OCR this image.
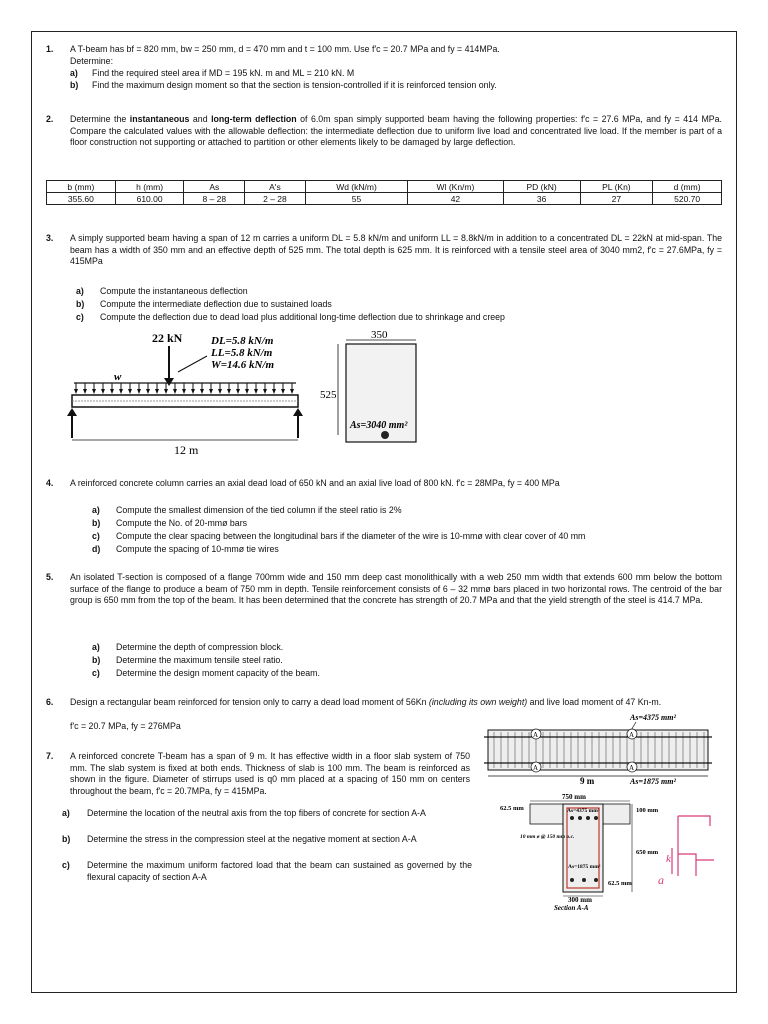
1. A T-beam has bf = 820 mm, bw = 250 mm, d = 470 mm and t = 100 mm. Use f'c = 20.7 MPa and fy = 414MPa.
Determine:
a) Find the required steel area if MD = 195 kN. m and ML = 210 kN. M
b) Find the maximum design moment so that the section is tension-controlled if it is reinforced tension only.
2. Determine the instantaneous and long-term deflection of 6.0m span simply supported beam having the following properties: f'c = 27.6 MPa, and fy = 414 MPa. Compare the calculated values with the allowable deflection: the intermediate deflection due to uniform live load and concentrated live load. If the member is part of a floor construction not supporting or attached to partition or other elements likely to be damaged by large deflection.
b (mm)	h (mm)	As	A's	Wd (kN/m)	Wl (Kn/m)	PD (kN)	PL (Kn)	d (mm)
355.60	610.00	8 – 28	2 – 28	55	42	36	27	520.70
3. A simply supported beam having a span of 12 m carries a uniform DL = 5.8 kN/m and uniform LL = 8.8kN/m in addition to a concentrated DL = 22kN at mid-span. The beam has a width of 350 mm and an effective depth of 525 mm. The total depth is 625 mm. It is reinforced with a tensile steel area of 3040 mm2, f'c = 27.6MPa, fy = 415MPa
a) Compute the instantaneous deflection
b) Compute the intermediate deflection due to sustained loads
c) Compute the deflection due to dead load plus additional long-time deflection due to shrinkage and creep
22 kN	DL=5.8 kN/m
LL=5.8 kN/m
W=14.6 kN/m
w
12 m
350
525
As=3040 mm²
4. A reinforced concrete column carries an axial dead load of 650 kN and an axial live load of 800 kN. f'c = 28MPa, fy = 400 MPa
a) Compute the smallest dimension of the tied column if the steel ratio is 2%
b) Compute the No. of 20-mmø bars
c) Compute the clear spacing between the longitudinal bars if the diameter of the wire is 10-mmø with clear cover of 40 mm
d) Compute the spacing of 10-mmø tie wires
5. An isolated T-section is composed of a flange 700mm wide and 150 mm deep cast monolithically with a web 250 mm width that extends 600 mm below the bottom surface of the flange to produce a beam of 750 mm in depth. Tensile reinforcement consists of 6 – 32 mmø bars placed in two horizontal rows. The centroid of the bar group is 650 mm from the top of the beam. It has been determined that the concrete has strength of 20.7 MPa and that the yield strength of the steel is 414.7 MPa.
a) Determine the depth of compression block.
b) Determine the maximum tensile steel ratio.
c) Determine the design moment capacity of the beam.
6. Design a rectangular beam reinforced for tension only to carry a dead load moment of 56Kn (including its own weight) and live load moment of 47 Kn-m.
f'c = 20.7 MPa, fy = 276MPa
7. A reinforced concrete T-beam has a span of 9 m. It has effective width in a floor slab system of 750 mm. The slab system is fixed at both ends. Thickness of slab is 100 mm. The beam is reinforced as shown in the figure. Diameter of stirrups used is q0 mm placed at a spacing of 150 mm on centers throughout the beam, f'c = 20.7MPa, fy = 415MPa.
a) Determine the location of the neutral axis from the top fibers of concrete for section A-A
b) Determine the stress in the compression steel at the negative moment at section A-A
c) Determine the maximum uniform factored load that the beam can sustained as governed by the flexural capacity of section A-A
As=4375 mm²
A	A
A	A
9 m	As=1875 mm²
750 mm
62.5 mm	100 mm
As=4375 mm²
10 mm ø @ 150 mm o.c.
650 mm
As=1875 mm²
62.5 mm
300 mm
Section A-A
k
a
